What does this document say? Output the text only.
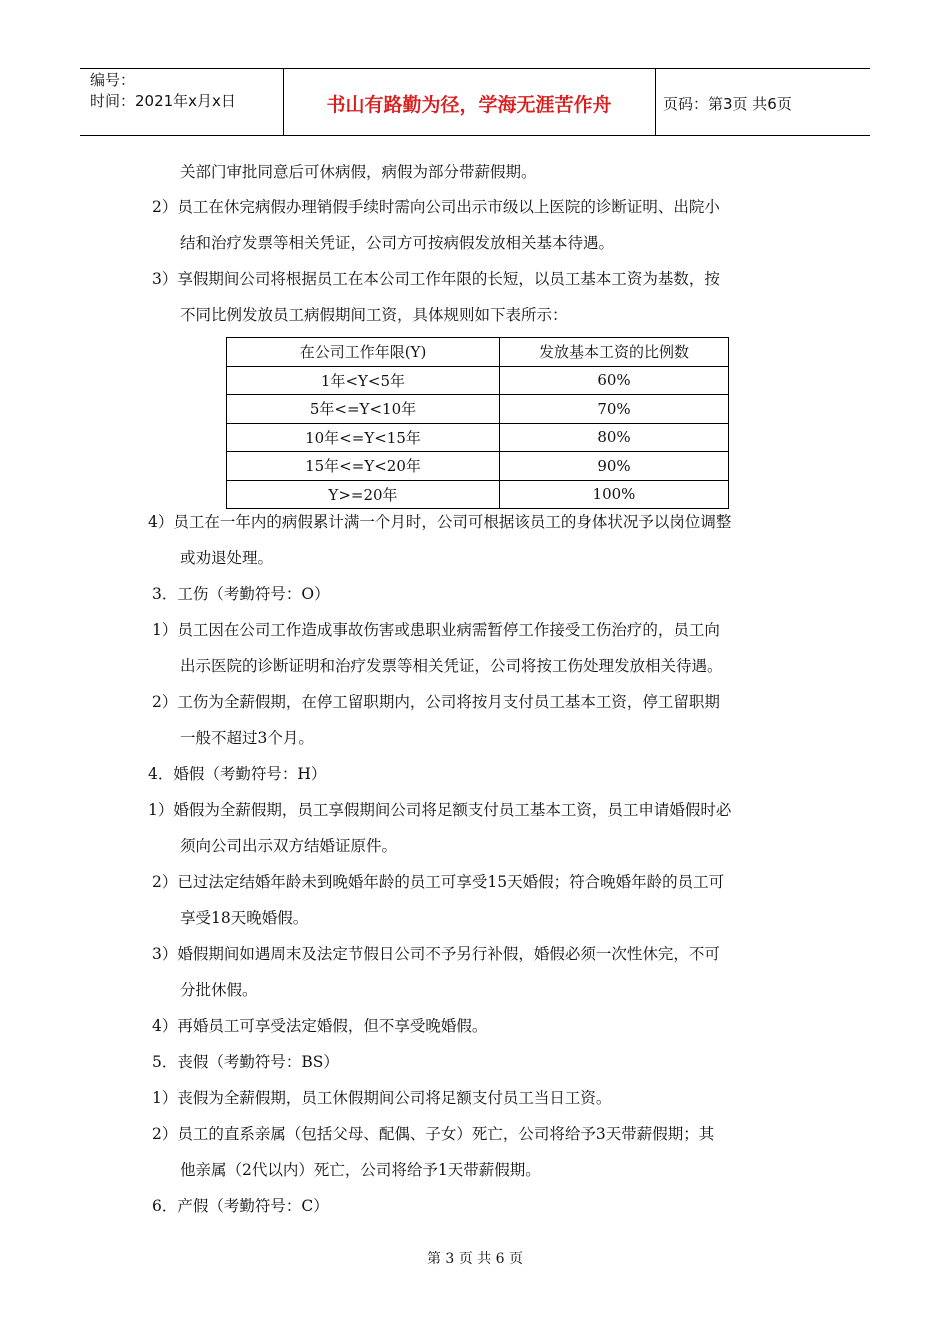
编号：
时间：2021年x月x日	书山有路勤为径，学海无涯苦作舟	页码：第3页 共6页
关部门审批同意后可休病假，病假为部分带薪假期。
2）员工在休完病假办理销假手续时需向公司出示市级以上医院的诊断证明、出院小
结和治疗发票等相关凭证，公司方可按病假发放相关基本待遇。
3）享假期间公司将根据员工在本公司工作年限的长短，以员工基本工资为基数，按
不同比例发放员工病假期间工资，具体规则如下表所示：
4）员工在一年内的病假累计满一个月时，公司可根据该员工的身体状况予以岗位调整
或劝退处理。
3．工伤（考勤符号：O）
1）员工因在公司工作造成事故伤害或患职业病需暂停工作接受工伤治疗的，员工向
出示医院的诊断证明和治疗发票等相关凭证，公司将按工伤处理发放相关待遇。
2）工伤为全薪假期，在停工留职期内，公司将按月支付员工基本工资，停工留职期
一般不超过3个月。
4．婚假（考勤符号：H）
1）婚假为全薪假期，员工享假期间公司将足额支付员工基本工资，员工申请婚假时必
须向公司出示双方结婚证原件。
2）已过法定结婚年龄未到晚婚年龄的员工可享受15天婚假；符合晚婚年龄的员工可
享受18天晚婚假。
3）婚假期间如遇周末及法定节假日公司不予另行补假，婚假必须一次性休完，不可
分批休假。
4）再婚员工可享受法定婚假，但不享受晚婚假。
5．丧假（考勤符号：BS）
1）丧假为全薪假期，员工休假期间公司将足额支付员工当日工资。
2）员工的直系亲属（包括父母、配偶、子女）死亡，公司将给予3天带薪假期；其
他亲属（2代以内）死亡，公司将给予1天带薪假期。
6．产假（考勤符号：C）
在公司工作年限(Y)	发放基本工资的比例数
1年<Y<5年	60%
5年<=Y<10年	70%
10年<=Y<15年	80%
15年<=Y<20年	90%
Y>=20年	100%
第 3 页 共 6 页
